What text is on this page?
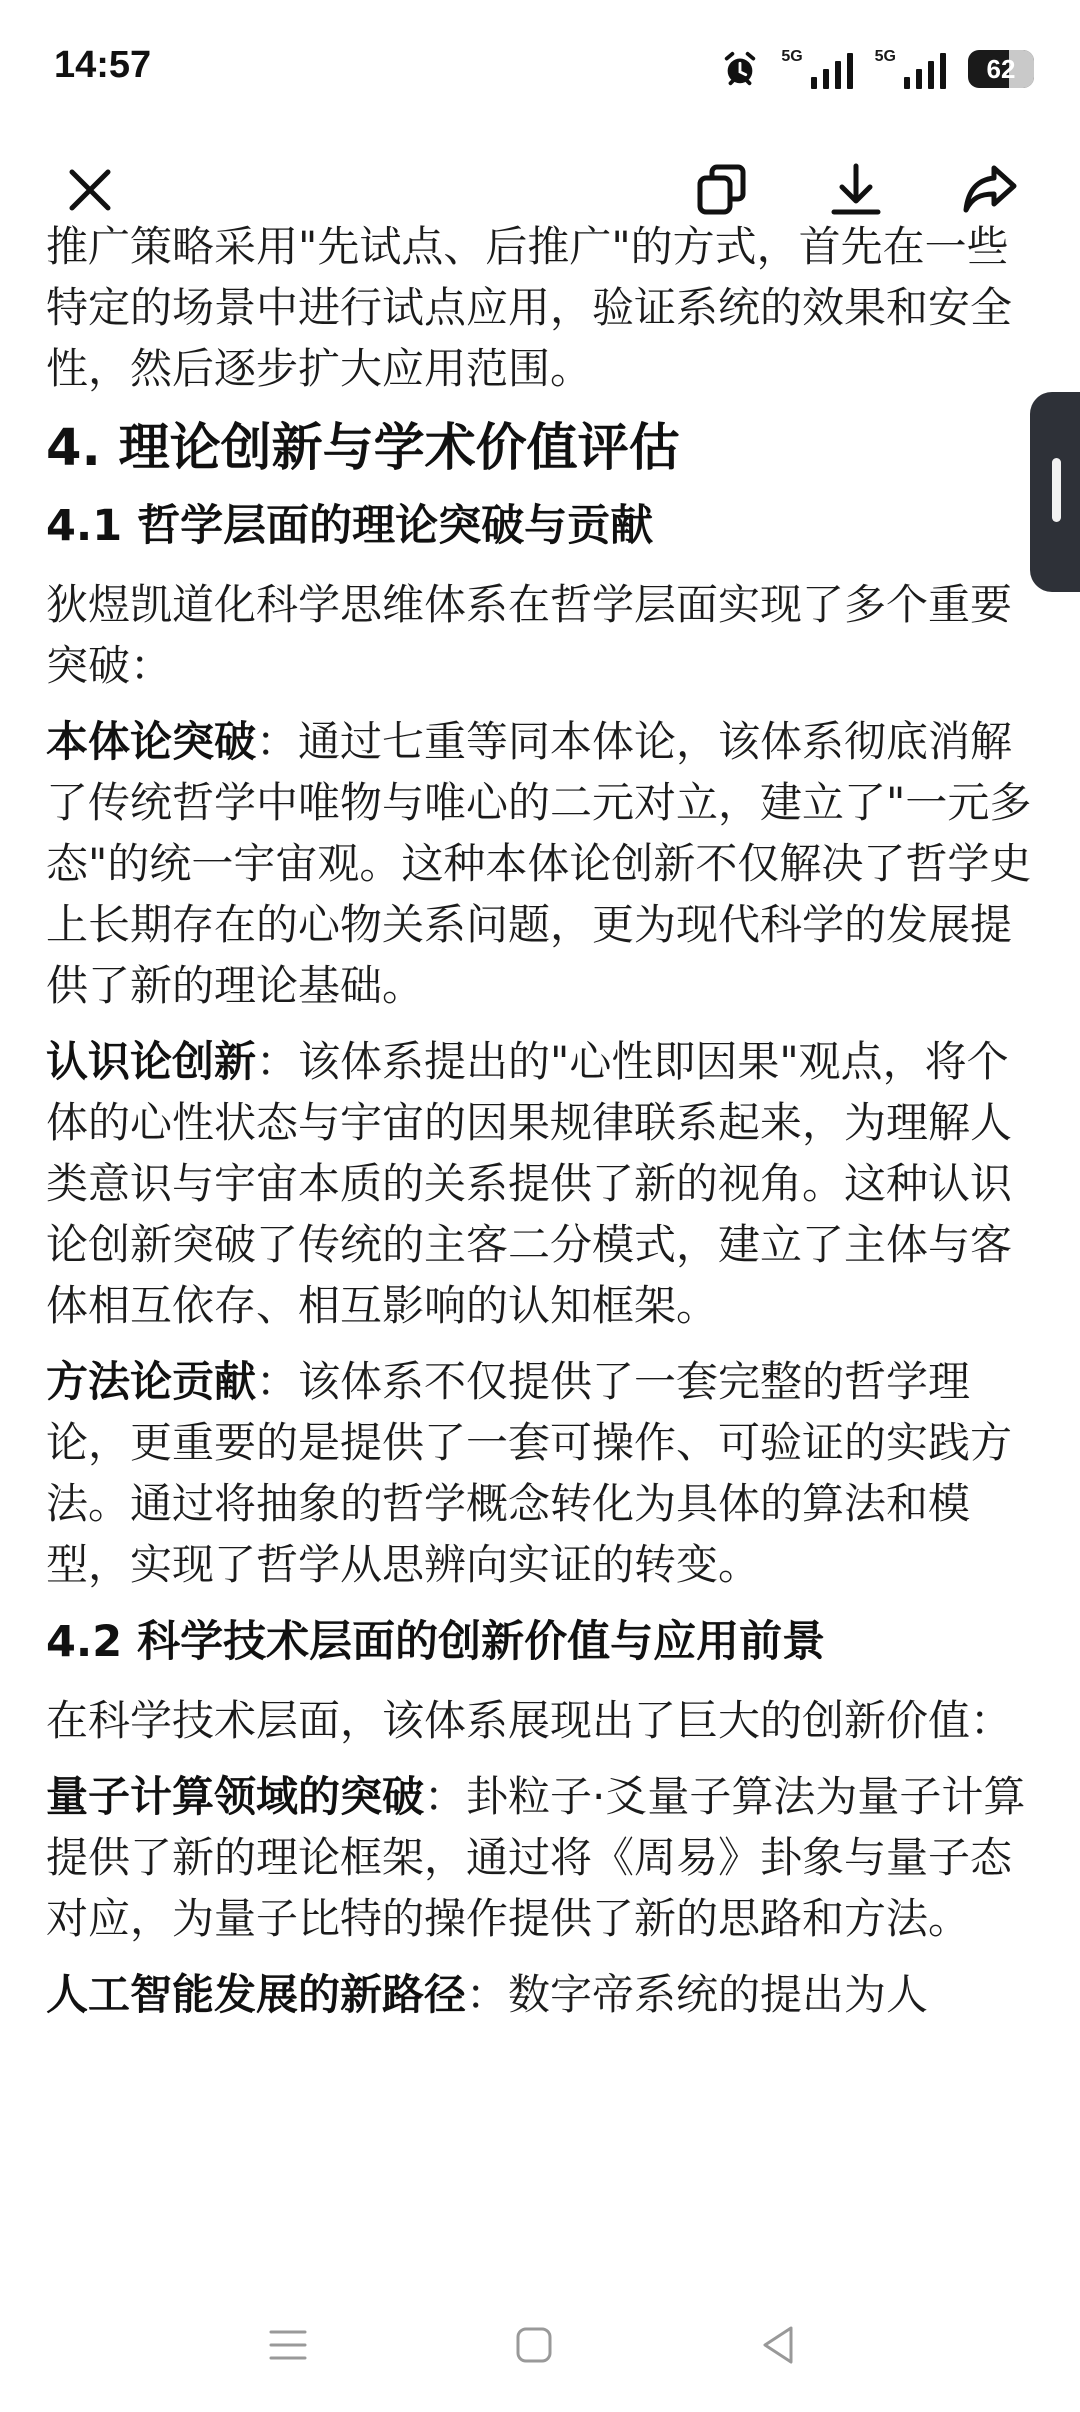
推广策略采用"先试点、后推广"的方式，首先在一些特定的场景中进行试点应用，验证系统的效果和安全性，然后逐步扩大应用范围。

4. 理论创新与学术价值评估
4.1 哲学层面的理论突破与贡献

狄煜凯道化科学思维体系在哲学层面实现了多个重要突破：

本体论突破：通过七重等同本体论，该体系彻底消解了传统哲学中唯物与唯心的二元对立，建立了"一元多态"的统一宇宙观。这种本体论创新不仅解决了哲学史上长期存在的心物关系问题，更为现代科学的发展提供了新的理论基础。

认识论创新：该体系提出的"心性即因果"观点，将个体的心性状态与宇宙的因果规律联系起来，为理解人类意识与宇宙本质的关系提供了新的视角。这种认识论创新突破了传统的主客二分模式，建立了主体与客体相互依存、相互影响的认知框架。

方法论贡献：该体系不仅提供了一套完整的哲学理论，更重要的是提供了一套可操作、可验证的实践方法。通过将抽象的哲学概念转化为具体的算法和模型，实现了哲学从思辨向实证的转变。

4.2 科学技术层面的创新价值与应用前景

在科学技术层面，该体系展现出了巨大的创新价值：

量子计算领域的突破：卦粒子·爻量子算法为量子计算提供了新的理论框架，通过将《周易》卦象与量子态对应，为量子比特的操作提供了新的思路和方法。

人工智能发展的新路径：数字帝系统的提出为人

14:57	5G	5G	62
